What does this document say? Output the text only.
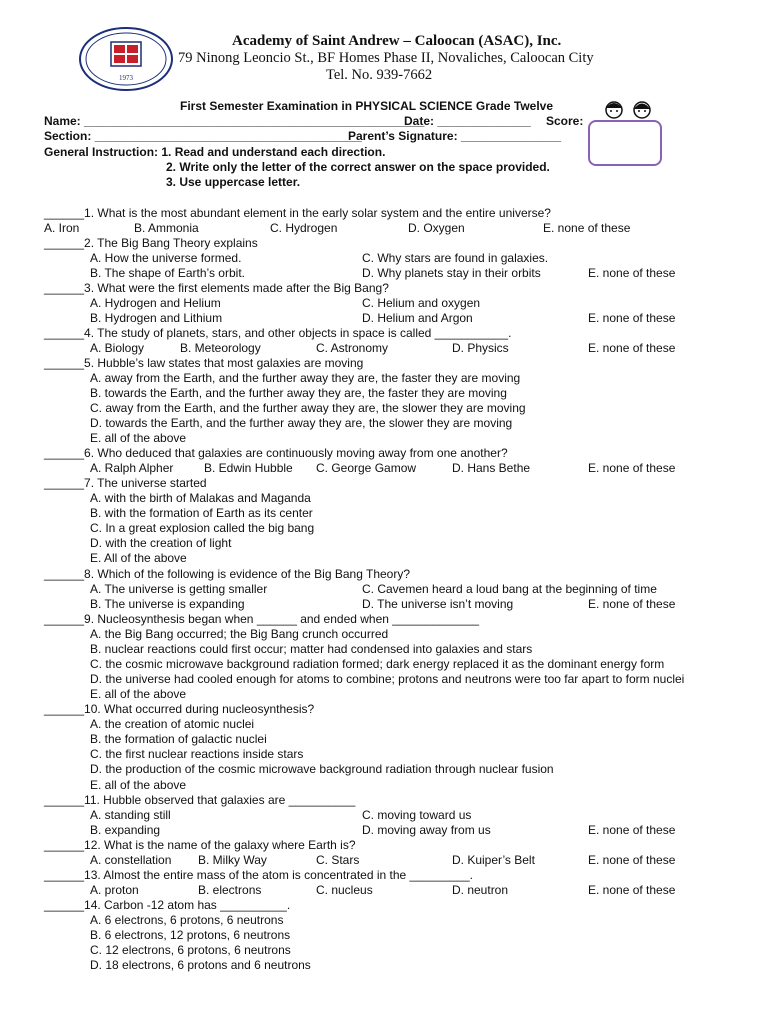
1973
Academy of Saint Andrew – Caloocan (ASAC), Inc.
79 Ninong Leoncio St., BF Homes Phase II, Novaliches, Caloocan City
Tel. No. 939-7662
First Semester Examination in PHYSICAL SCIENCE Grade Twelve
Name: ___________________________________________________
Date: ______________ Score:
Section: ________________________________________
Parent’s Signature: _______________
General Instruction: 1. Read and understand each direction.
2. Write only the letter of the correct answer on the space provided.
3. Use uppercase letter.
______1. What is the most abundant element in the early solar system and the entire universe?
A. Iron	B. Ammonia	C. Hydrogen	D. Oxygen	E. none of these
______2. The Big Bang Theory explains
A. How the universe formed.	C. Why stars are found in galaxies.
B. The shape of Earth’s orbit.	D. Why planets stay in their orbits	E. none of these
______3. What were the first elements made after the Big Bang?
A. Hydrogen and Helium	C. Helium and oxygen
B. Hydrogen and Lithium	D. Helium and Argon	E. none of these
______4. The study of planets, stars, and other objects in space is called ___________.
A. Biology	B. Meteorology	C. Astronomy	D. Physics	E. none of these
______5. Hubble’s law states that most galaxies are moving
A. away from the Earth, and the further away they are, the faster they are moving
B. towards the Earth, and the further away they are, the faster they are moving
C. away from the Earth, and the further away they are, the slower they are moving
D. towards the Earth, and the further away they are, the slower they are moving
E. all of the above
______6. Who deduced that galaxies are continuously moving away from one another?
A. Ralph Alpher	B. Edwin Hubble C. George Gamow	D. Hans Bethe	E. none of these
______7. The universe started
A. with the birth of Malakas and Maganda
B. with the formation of Earth as its center
C. In a great explosion called the big bang
D. with the creation of light
E. All of the above
______8. Which of the following is evidence of the Big Bang Theory?
A. The universe is getting smaller	C. Cavemen heard a loud bang at the beginning of time
B. The universe is expanding	D. The universe isn’t moving	E. none of these
______9. Nucleosynthesis began when ______ and ended when _____________
A. the Big Bang occurred; the Big Bang crunch occurred
B. nuclear reactions could first occur; matter had condensed into galaxies and stars
C. the cosmic microwave background radiation formed; dark energy replaced it as the dominant energy form
D. the universe had cooled enough for atoms to combine; protons and neutrons were too far apart to form nuclei
E. all of the above
______10. What occurred during nucleosynthesis?
A. the creation of atomic nuclei
B. the formation of galactic nuclei
C. the first nuclear reactions inside stars
D. the production of the cosmic microwave background radiation through nuclear fusion
E. all of the above
______11. Hubble observed that galaxies are __________
A. standing still	C. moving toward us
B. expanding	D. moving away from us	E. none of these
______12. What is the name of the galaxy where Earth is?
A. constellation B. Milky Way	C. Stars	D. Kuiper’s Belt	E. none of these
______13. Almost the entire mass of the atom is concentrated in the _________.
A. proton	B. electrons	C. nucleus	D. neutron	E. none of these
______14. Carbon -12 atom has __________.
A. 6 electrons, 6 protons, 6 neutrons
B. 6 electrons, 12 protons, 6 neutrons
C. 12 electrons, 6 protons, 6 neutrons
D. 18 electrons, 6 protons and 6 neutrons
